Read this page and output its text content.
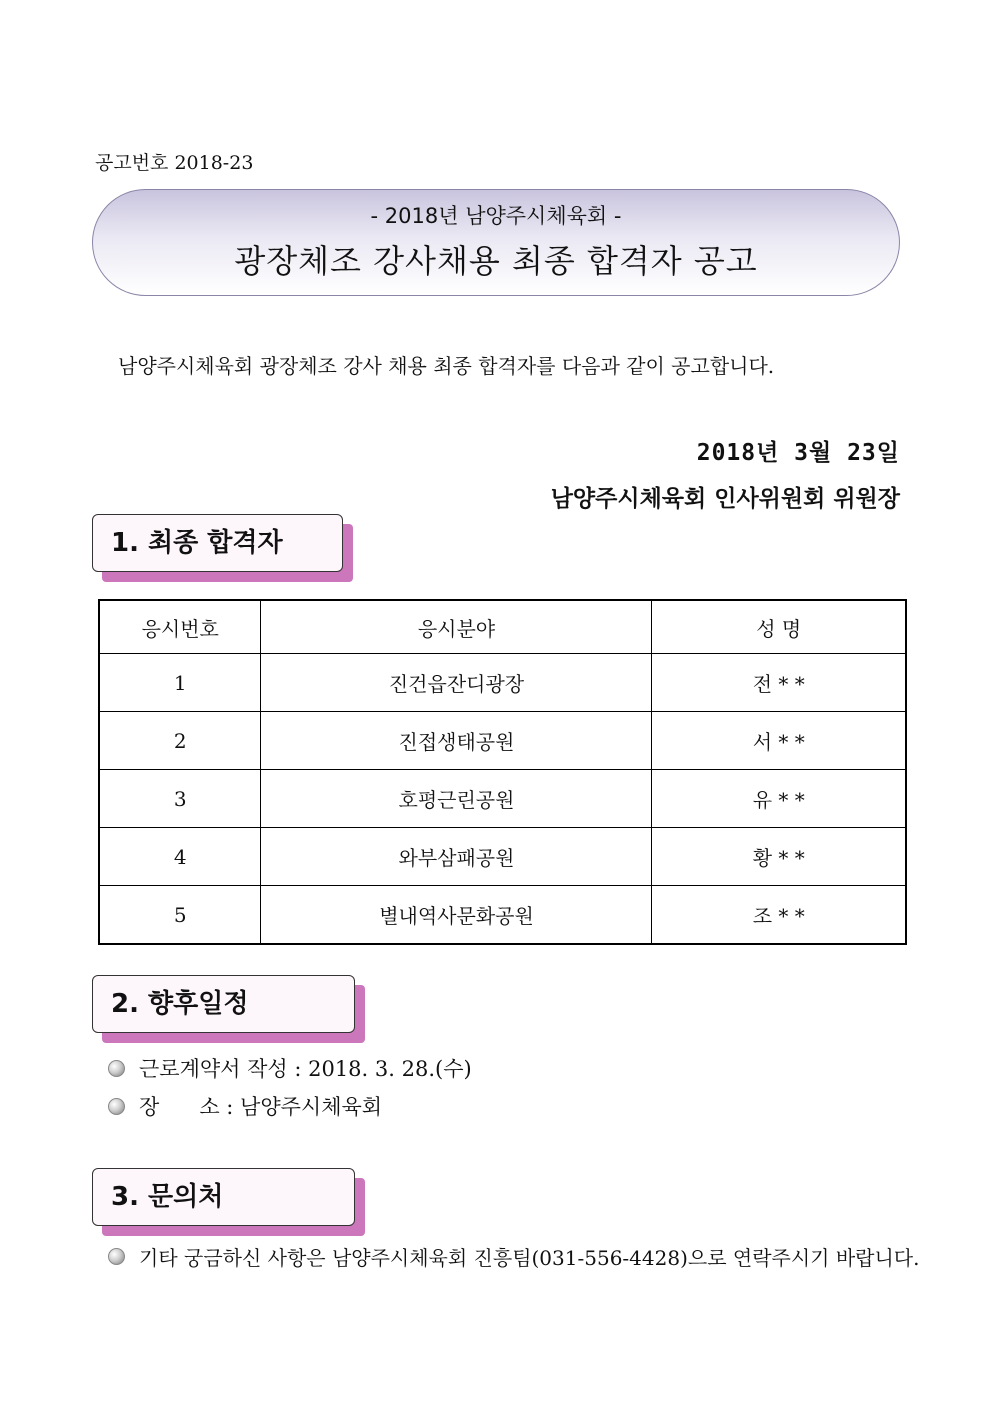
공고번호 2018-23
- 2018년 남양주시체육회 -
광장체조 강사채용 최종 합격자 공고
남양주시체육회 광장체조 강사 채용 최종 합격자를 다음과 같이 공고합니다.
2018년 3월 23일
남양주시체육회 인사위원회 위원장
1. 최종 합격자
응시번호	응시분야	성 명
1	진건읍잔디광장	전 * *
2	진접생태공원	서 * *
3	호평근린공원	유 * *
4	와부삼패공원	황 * *
5	별내역사문화공원	조 * *
2. 향후일정
근로계약서 작성 : 2018. 3. 28.(수)
장      소 : 남양주시체육회
3. 문의처
기타 궁금하신 사항은 남양주시체육회 진흥팀(031-556-4428)으로 연락주시기 바랍니다.
